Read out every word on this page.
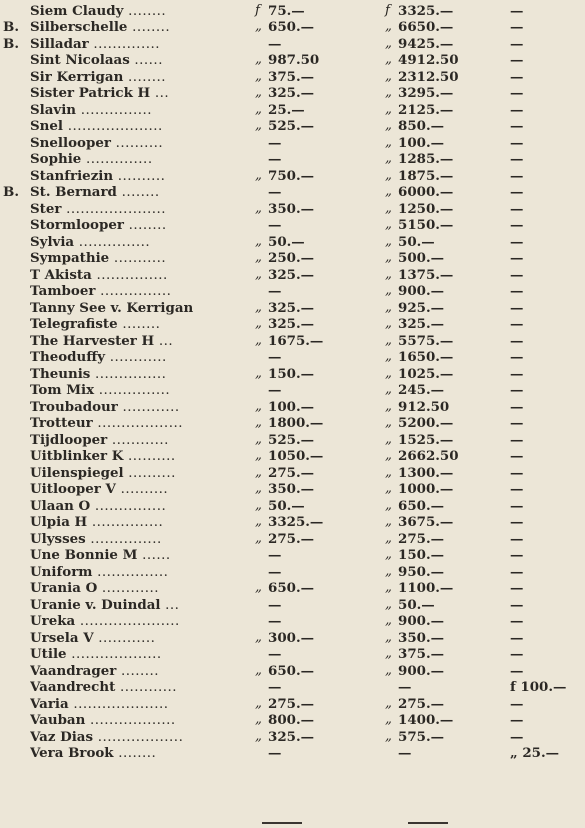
Siem Claudy ........	f 75.—	f 3325.—	—
B. Silberschelle ........	„ 650.—	„ 6650.—	—
B. Silladar ..............	—	„ 9425.—	—
Sint Nicolaas ......	„ 987.50	„ 4912.50	—
Sir Kerrigan ........	„ 375.—	„ 2312.50	—
Sister Patrick H ...	„ 325.—	„ 3295.—	—
Slavin ...............	„ 25.—	„ 2125.—	—
Snel ....................	„ 525.—	„ 850.—	—
Snellooper ..........	—	„ 100.—	—
Sophie ..............	—	„ 1285.—	—
Stanfriezin ..........	„ 750.—	„ 1875.—	—
B. St. Bernard ........	—	„ 6000.—	—
Ster .....................	„ 350.—	„ 1250.—	—
Stormlooper ........	—	„ 5150.—	—
Sylvia ...............	„ 50.—	„ 50.—	—
Sympathie ...........	„ 250.—	„ 500.—	—
T Akista ...............	„ 325.—	„ 1375.—	—
Tamboer ...............	—	„ 900.—	—
Tanny See v. Kerrigan	„ 325.—	„ 925.—	—
Telegrafiste ........	„ 325.—	„ 325.—	—
The Harvester H ...	„ 1675.—	„ 5575.—	—
Theoduffy ............	—	„ 1650.—	—
Theunis ...............	„ 150.—	„ 1025.—	—
Tom Mix ...............	—	„ 245.—	—
Troubadour ............	„ 100.—	„ 912.50	—
Trotteur ..................	„ 1800.—	„ 5200.—	—
Tijdlooper ............	„ 525.—	„ 1525.—	—
Uitblinker K ..........	„ 1050.—	„ 2662.50	—
Uilenspiegel ..........	„ 275.—	„ 1300.—	—
Uitlooper V ..........	„ 350.—	„ 1000.—	—
Ulaan O ...............	„ 50.—	„ 650.—	—
Ulpia H ...............	„ 3325.—	„ 3675.—	—
Ulysses ...............	„ 275.—	„ 275.—	—
Une Bonnie M ......	—	„ 150.—	—
Uniform ...............	—	„ 950.—	—
Urania O ............	„ 650.—	„ 1100.—	—
Uranie v. Duindal ...	—	„ 50.—	—
Ureka .....................	—	„ 900.—	—
Ursela V ............	„ 300.—	„ 350.—	—
Utile ...................	—	„ 375.—	—
Vaandrager ........	„ 650.—	„ 900.—	—
Vaandrecht ............	—	—	f 100.—
Varia ....................	„ 275.—	„ 275.—	—
Vauban ..................	„ 800.—	„ 1400.—	—
Vaz Dias ..................	„ 325.—	„ 575.—	—
Vera Brook ........	—	—	„ 25.—
